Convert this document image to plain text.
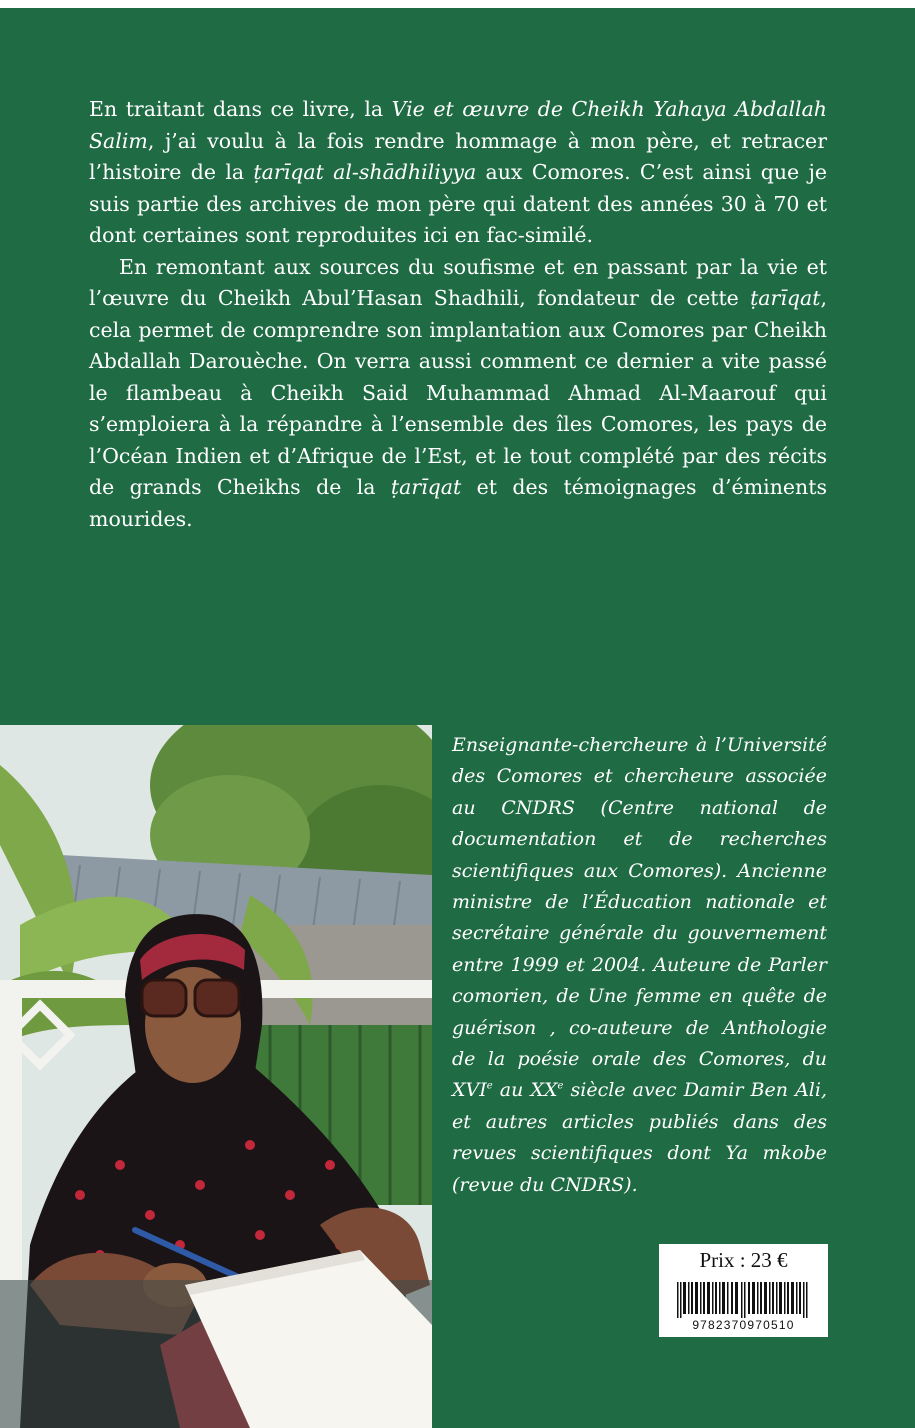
En traitant dans ce livre, la Vie et œuvre de Cheikh Yahaya Abdallah Salim, j’ai voulu à la fois rendre hommage à mon père, et retracer l’histoire de la ṭarīqat al-shādhiliyya aux Comores. C’est ainsi que je suis partie des archives de mon père qui datent des années 30 à 70 et dont certaines sont reproduites ici en fac-similé.

En remontant aux sources du soufisme et en passant par la vie et l’œuvre du Cheikh Abul’Hasan Shadhili, fondateur de cette ṭarīqat, cela permet de comprendre son implantation aux Comores par Cheikh Abdallah Darouèche. On verra aussi comment ce dernier a vite passé le flambeau à Cheikh Said Muhammad Ahmad Al-Maarouf qui s’emploiera à la répandre à l’ensemble des îles Comores, les pays de l’Océan Indien et d’Afrique de l’Est, et le tout complété par des récits de grands Cheikhs de la ṭarīqat et des témoignages d’éminents mourides.

Enseignante-chercheure à l’Université des Comores et chercheure associée au CNDRS (Centre national de documentation et de recherches scientifiques aux Comores). Ancienne ministre de l’Éducation nationale et secrétaire générale du gouvernement entre 1999 et 2004. Auteure de Parler comorien, de Une femme en quête de guérison , co-auteure de Anthologie de la poésie orale des Comores, du XVIe au XXe siècle avec Damir Ben Ali, et autres articles publiés dans des revues scientifiques dont Ya mkobe (revue du CNDRS).
Prix : 23 €
9782370970510
